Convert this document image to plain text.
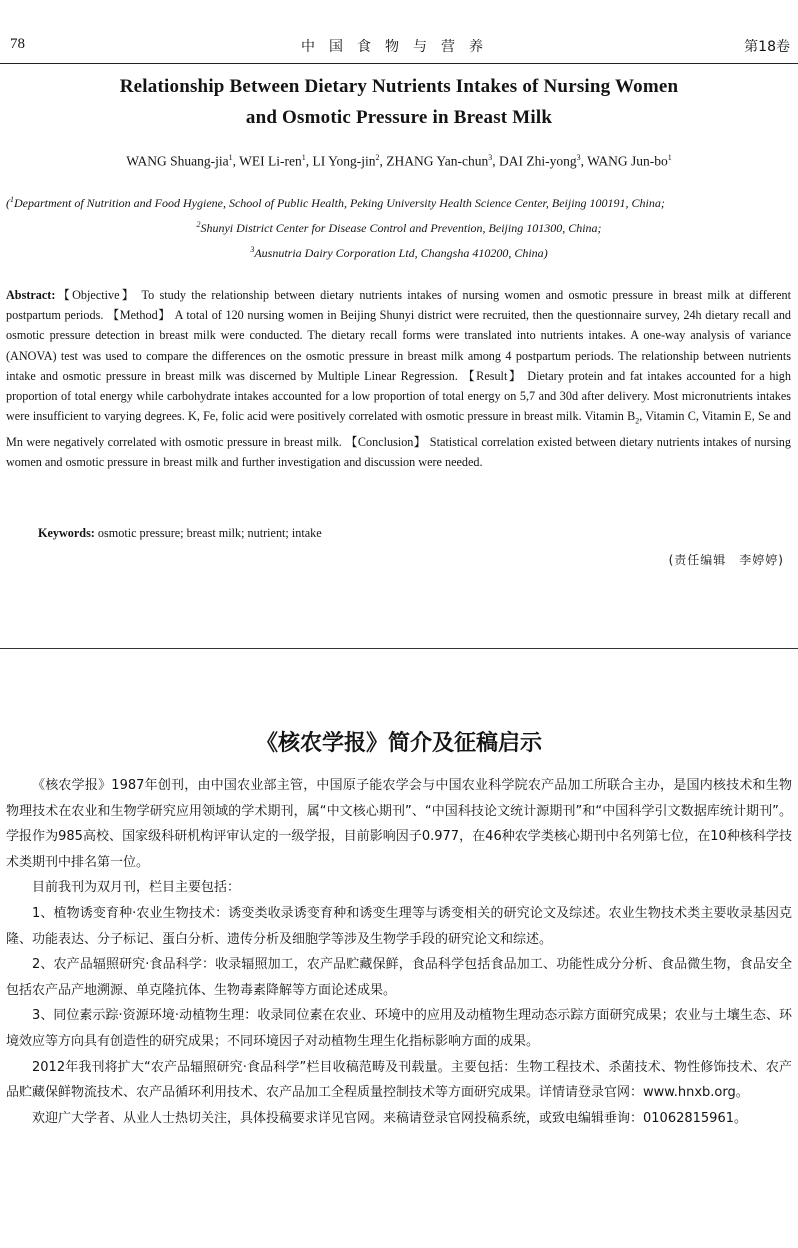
78	中国食物与营养	第18卷
Relationship Between Dietary Nutrients Intakes of Nursing Women
and Osmotic Pressure in Breast Milk
WANG Shuang-jia$^1$, WEI Li-ren$^1$, LI Yong-jin$^2$, ZHANG Yan-chun$^3$, DAI Zhi-yong$^3$, WANG Jun-$bo^1$
($^1$Department of Nutrition and Food Hygiene, School of Public Health, Peking University Health Science Center, Beijing 100191, China;
$^2$Shunyi District Center for Disease Control and Prevention, Beijing 101300, China;
$^3$Ausnutria Dairy Corporation Ltd, Changsha 410200, China)
Abstract:【Objective】 To study the relationship between dietary nutrients intakes of nursing women and osmotic pressure in breast milk at different postpartum periods. 【Method】 A total of 120 nursing women in Beijing Shunyi district were recruited, then the questionnaire survey, 24h dietary recall and osmotic pressure detection in breast milk were conducted. The dietary recall forms were translated into nutrients intakes. A one-way analysis of variance (ANOVA) test was used to compare the differences on the osmotic pressure in breast milk among 4 postpartum periods. The relationship between nutrients intake and osmotic pressure in breast milk was discerned by Multiple Linear Regression. 【Result】 Dietary protein and fat intakes accounted for a high proportion of total energy while carbohydrate intakes accounted for a low proportion of total energy on 5,7 and 30d after delivery. Most micronutrients intakes were insufficient to varying degrees. K, Fe, folic acid were positively correlated with osmotic pressure in breast milk. Vitamin $B_2$, Vitamin C, Vitamin E, Se and Mn were negatively correlated with osmotic pressure in breast milk. 【Conclusion】 Statistical correlation existed between dietary nutrients intakes of nursing women and osmotic pressure in breast milk and further investigation and discussion were needed.
Keywords: osmotic pressure; breast milk; nutrient; intake
(责任编辑　李婷婷)
《核农学报》简介及征稿启示

《核农学报》1987年创刊，由中国农业部主管，中国原子能农学会与中国农业科学院农产品加工所联合主办，是国内核技术和生物物理技术在农业和生物学研究应用领域的学术期刊，属“中文核心期刊”、“中国科技论文统计源期刊”和“中国科学引文数据库统计期刊”。学报作为985高校、国家级科研机构评审认定的一级学报，目前影响因子0.977，在46种农学类核心期刊中名列第七位，在10种核科学技术类期刊中排名第一位。

目前我刊为双月刊，栏目主要包括：

1、植物诱变育种·农业生物技术：诱变类收录诱变育种和诱变生理等与诱变相关的研究论文及综述。农业生物技术类主要收录基因克隆、功能表达、分子标记、蛋白分析、遗传分析及细胞学等涉及生物学手段的研究论文和综述。

2、农产品辐照研究·食品科学：收录辐照加工，农产品贮藏保鲜，食品科学包括食品加工、功能性成分分析、食品微生物，食品安全包括农产品产地溯源、单克隆抗体、生物毒素降解等方面论述成果。

3、同位素示踪·资源环境·动植物生理：收录同位素在农业、环境中的应用及动植物生理动态示踪方面研究成果；农业与土壤生态、环境效应等方向具有创造性的研究成果；不同环境因子对动植物生理生化指标影响方面的成果。

2012年我刊将扩大“农产品辐照研究·食品科学”栏目收稿范畴及刊载量。主要包括：生物工程技术、杀菌技术、物性修饰技术、农产品贮藏保鲜物流技术、农产品循环利用技术、农产品加工全程质量控制技术等方面研究成果。详情请登录官网：www.hnxb.org。

欢迎广大学者、从业人士热切关注，具体投稿要求详见官网。来稿请登录官网投稿系统，或致电编辑垂询：01062815961。
